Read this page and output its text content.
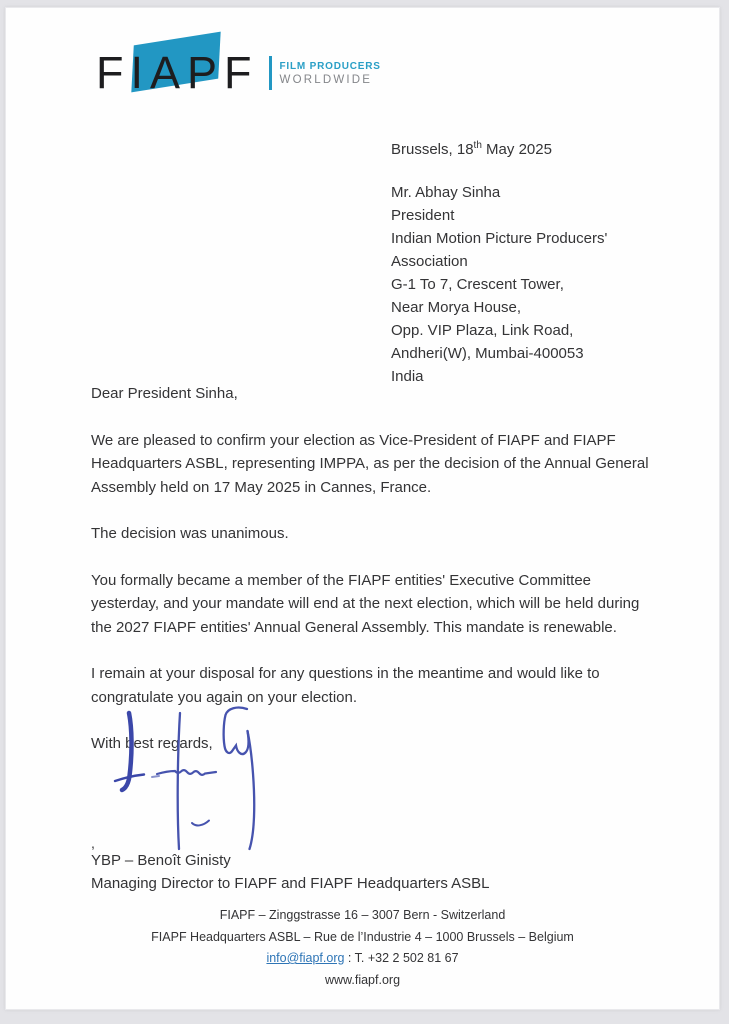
FIAPF FILM PRODUCERS
WORLDWIDE
Brussels, 18th May 2025
Mr. Abhay Sinha
President
Indian Motion Picture Producers'
Association
G-1 To 7, Crescent Tower,
Near Morya House,
Opp. VIP Plaza, Link Road,
Andheri(W), Mumbai-400053
India

Dear President Sinha,

We are pleased to confirm your election as Vice-President of FIAPF and FIAPF Headquarters ASBL, representing IMPPA, as per the decision of the Annual General Assembly held on 17 May 2025 in Cannes, France.

The decision was unanimous.

You formally became a member of the FIAPF entities' Executive Committee yesterday, and your mandate will end at the next election, which will be held during the 2027 FIAPF entities' Annual General Assembly. This mandate is renewable.

I remain at your disposal for any questions in the meantime and would like to congratulate you again on your election.

With best regards,

,
YBP – Benoît Ginisty
Managing Director to FIAPF and FIAPF Headquarters ASBL
FIAPF – Zinggstrasse 16 – 3007 Bern - Switzerland
FIAPF Headquarters ASBL – Rue de l’Industrie 4 – 1000 Brussels – Belgium
info@fiapf.org : T. +32 2 502 81 67
www.fiapf.org
